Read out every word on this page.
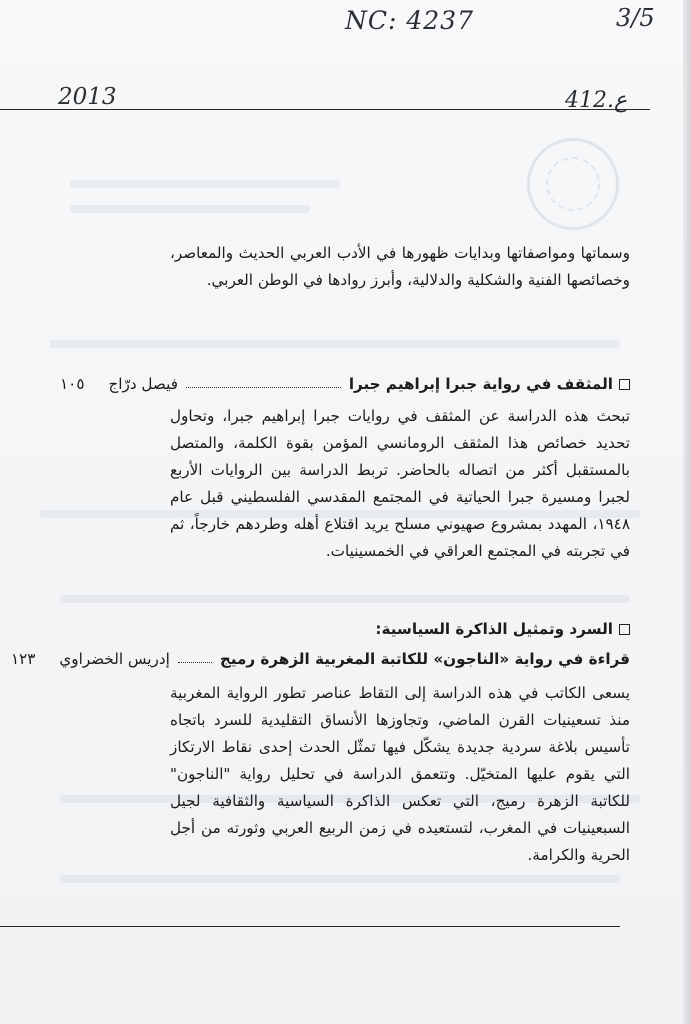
NC: 4237	3/5
2013	412.ع

وسماتها ومواصفاتها وبدايات ظهورها في الأدب العربي الحديث والمعاصر، وخصائصها الفنية والشكلية والدلالية، وأبرز روادها في الوطن العربي.

المثقف في رواية جبرا إبراهيم جبرا
فيصل درّاج
١٠٥

تبحث هذه الدراسة عن المثقف في روايات جبرا إبراهيم جبرا، وتحاول تحديد خصائص هذا المثقف الرومانسي المؤمن بقوة الكلمة، والمتصل بالمستقبل أكثر من اتصاله بالحاضر. تربط الدراسة بين الروايات الأربع لجبرا ومسيرة جبرا الحياتية في المجتمع المقدسي الفلسطيني قبل عام ١٩٤٨، المهدد بمشروع صهيوني مسلح يريد اقتلاع أهله وطردهم خارجاً، ثم في تجربته في المجتمع العراقي في الخمسينيات.

السرد وتمثيل الذاكرة السياسية:
قراءة في رواية «الناجون» للكاتبة المغربية الزهرة رميج
إدريس الخضراوي
١٢٣

يسعى الكاتب في هذه الدراسة إلى التقاط عناصر تطور الرواية المغربية منذ تسعينيات القرن الماضي، وتجاوزها الأنساق التقليدية للسرد باتجاه تأسيس بلاغة سردية جديدة يشكّل فيها تمثّل الحدث إحدى نقاط الارتكاز التي يقوم عليها المتخيّل. وتتعمق الدراسة في تحليل رواية "الناجون" للكاتبة الزهرة رميج، التي تعكس الذاكرة السياسية والثقافية لجيل السبعينيات في المغرب، لتستعيده في زمن الربيع العربي وثورته من أجل الحرية والكرامة.
